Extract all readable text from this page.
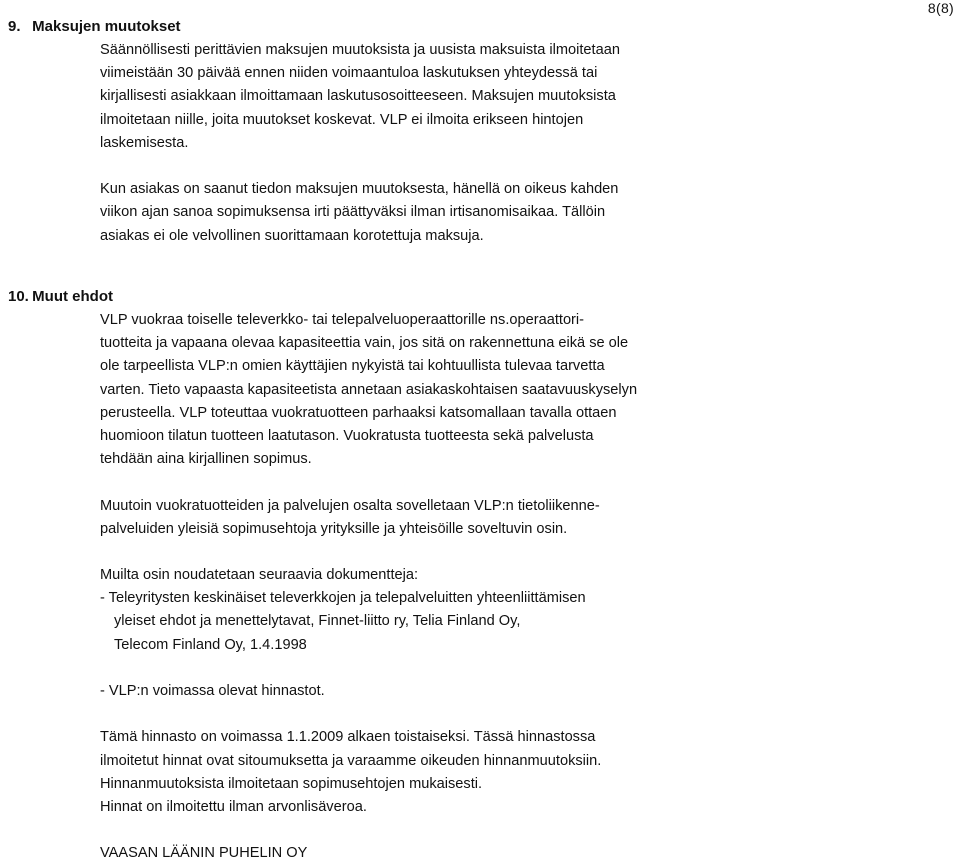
8(8)
9. Maksujen muutokset
Säännöllisesti perittävien maksujen muutoksista ja uusista maksuista ilmoitetaan
viimeistään 30 päivää ennen niiden voimaantuloa laskutuksen yhteydessä tai
kirjallisesti asiakkaan ilmoittamaan laskutusosoitteeseen. Maksujen muutoksista
ilmoitetaan niille, joita muutokset koskevat. VLP ei ilmoita erikseen hintojen
laskemisesta.
Kun asiakas on saanut tiedon maksujen muutoksesta, hänellä on oikeus kahden
viikon ajan sanoa sopimuksensa irti päättyväksi ilman irtisanomisaikaa. Tällöin
asiakas ei ole velvollinen suorittamaan korotettuja maksuja.
10. Muut ehdot
VLP vuokraa toiselle televerkko- tai telepalveluoperaattorille ns.operaattori-
tuotteita ja vapaana olevaa kapasiteettia vain, jos sitä on rakennettuna eikä se ole
ole tarpeellista VLP:n omien käyttäjien nykyistä tai kohtuullista tulevaa tarvetta
varten. Tieto vapaasta kapasiteetista annetaan asiakaskohtaisen saatavuuskyselyn
perusteella. VLP toteuttaa vuokratuotteen parhaaksi katsomallaan tavalla ottaen
huomioon tilatun tuotteen laatutason. Vuokratusta tuotteesta sekä palvelusta
tehdään aina kirjallinen sopimus.
Muutoin vuokratuotteiden ja palvelujen osalta sovelletaan VLP:n tietoliikenne-
palveluiden yleisiä sopimusehtoja yrityksille ja yhteisöille soveltuvin osin.
Muilta osin noudatetaan seuraavia dokumentteja:
- Teleyritysten keskinäiset televerkkojen ja telepalveluitten yhteenliittämisen
yleiset ehdot ja menettelytavat, Finnet-liitto ry, Telia Finland Oy,
Telecom Finland Oy, 1.4.1998
- VLP:n voimassa olevat hinnastot.
Tämä hinnasto on voimassa 1.1.2009 alkaen toistaiseksi. Tässä hinnastossa
ilmoitetut hinnat ovat sitoumuksetta ja varaamme oikeuden hinnanmuutoksiin.
Hinnanmuutoksista ilmoitetaan sopimusehtojen mukaisesti.
Hinnat on ilmoitettu ilman arvonlisäveroa.
VAASAN LÄÄNIN PUHELIN OY
